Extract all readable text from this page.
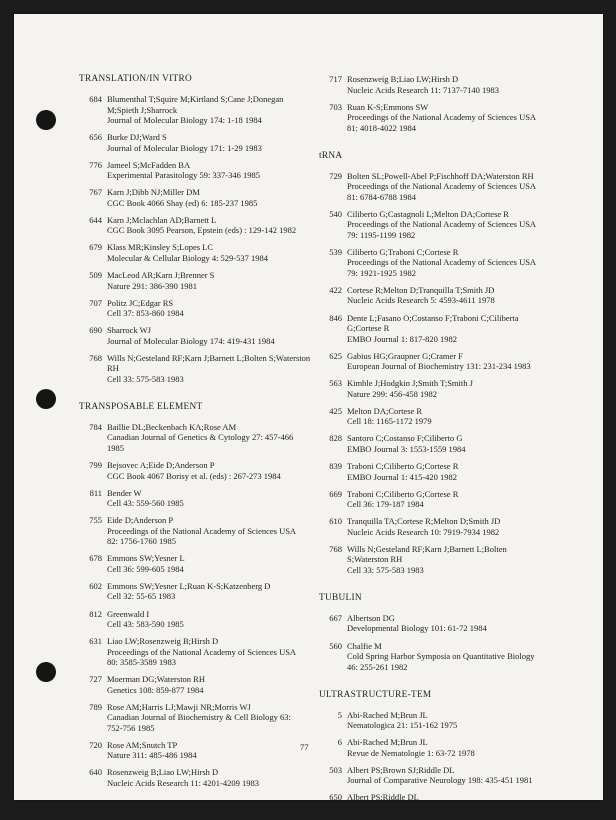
TRANSLATION/IN VITRO
684 Blumenthal T;Squire M;Kirtland S;Cane J;Donegan
M;Spieth J;Sharrock
Journal of Molecular Biology 174: 1-18 1984
656 Burke DJ;Ward S
Journal of Molecular Biology 171: 1-29 1983
776 Jameel S;McFadden BA
Experimental Parasitology 59: 337-346 1985
767 Karn J;Dibb NJ;Miller DM
CGC Book 4066 Shay (ed) 6: 185-237 1985
644 Karn J;Mclachlan AD;Barnett L
CGC Book 3095 Pearson, Epstein (eds) : 129-142 1982
679 Klass MR;Kinsley S;Lopes LC
Molecular & Cellular Biology 4: 529-537 1984
509 MacLeod AR;Karn J;Brenner S
Nature 291: 386-390 1981
707 Politz JC;Edgar RS
Cell 37: 853-860 1984
690 Sharrock WJ
Journal of Molecular Biology 174: 419-431 1984
768 Wills N;Gesteland RF;Karn J;Barnett L;Bolten S;Waterston
RH
Cell 33: 575-583 1983
TRANSPOSABLE ELEMENT
784 Baillie DL;Beckenbach KA;Rose AM
Canadian Journal of Genetics & Cytology 27: 457-466
1985
799 Bejsovec A;Eide D;Anderson P
CGC Book 4067 Borisy et al. (eds) : 267-273 1984
811 Bender W
Cell 43: 559-560 1985
755 Eide D;Anderson P
Proceedings of the National Academy of Sciences USA
82: 1756-1760 1985
678 Emmons SW;Yesner L
Cell 36: 599-605 1984
602 Emmons SW;Yesner L;Ruan K-S;Katzenberg D
Cell 32: 55-65 1983
812 Greenwald I
Cell 43: 583-590 1985
631 Liao LW;Rosenzweig B;Hirsh D
Proceedings of the National Academy of Sciences USA
80: 3585-3589 1983
727 Moerman DG;Waterston RH
Genetics 108: 859-877 1984
789 Rose AM;Harris LJ;Mawji NR;Morris WJ
Canadian Journal of Biochemistry & Cell Biology 63:
752-756 1985
720 Rose AM;Snutch TP
Nature 311: 485-486 1984
640 Rosenzweig B;Liao LW;Hirsh D
Nucleic Acids Research 11: 4201-4209 1983
717 Rosenzweig B;Liao LW;Hirsh D
Nucleic Acids Research 11: 7137-7140 1983
703 Ruan K-S;Emmons SW
Proceedings of the National Academy of Sciences USA
81: 4018-4022 1984
tRNA
729 Bolten SL;Powell-Abel P;Fischhoff DA;Waterston RH
Proceedings of the National Academy of Sciences USA
81: 6784-6788 1984
540 Ciliberto G;Castagnoli L;Melton DA;Cortese R
Proceedings of the National Academy of Sciences USA
79: 1195-1199 1982
539 Ciliberto G;Traboni C;Cortese R
Proceedings of the National Academy of Sciences USA
79: 1921-1925 1982
422 Cortese R;Melton D;Tranquilla T;Smith JD
Nucleic Acids Research 5: 4593-4611 1978
846 Dente L;Fasano O;Costanso F;Traboni C;Ciliberta
G;Cortese R
EMBO Journal 1: 817-820 1982
625 Gabius HG;Graupner G;Cramer F
European Journal of Biochemistry 131: 231-234 1983
563 Kimble J;Hodgkin J;Smith T;Smith J
Nature 299: 456-458 1982
425 Melton DA;Cortese R
Cell 18: 1165-1172 1979
828 Santoro C;Costanso F;Ciliberto G
EMBO Journal 3: 1553-1559 1984
839 Traboni C;Ciliberto G;Cortese R
EMBO Journal 1: 415-420 1982
669 Traboni C;Ciliberto G;Cortese R
Cell 36: 179-187 1984
610 Tranquilla TA;Cortese R;Melton D;Smith JD
Nucleic Acids Research 10: 7919-7934 1982
768 Wills N;Gesteland RF;Karn J;Barnett L;Bolten
S;Waterston RH
Cell 33: 575-583 1983
TUBULIN
667 Albertson DG
Developmental Biology 101: 61-72 1984
560 Chalfie M
Cold Spring Harbor Symposia on Quantitative Biology
46: 255-261 1982
ULTRASTRUCTURE-TEM
5 Abi-Rached M;Brun JL
Nematologica 21: 151-162 1975
6 Abi-Rached M;Brun JL
Revue de Nematologie 1: 63-72 1978
503 Albert PS;Brown SJ;Riddle DL
Journal of Comparative Neurology 198: 435-451 1981
650 Albert PS;Riddle DL
Journal of Comparative Neurology 219: 461-481 1983
77
